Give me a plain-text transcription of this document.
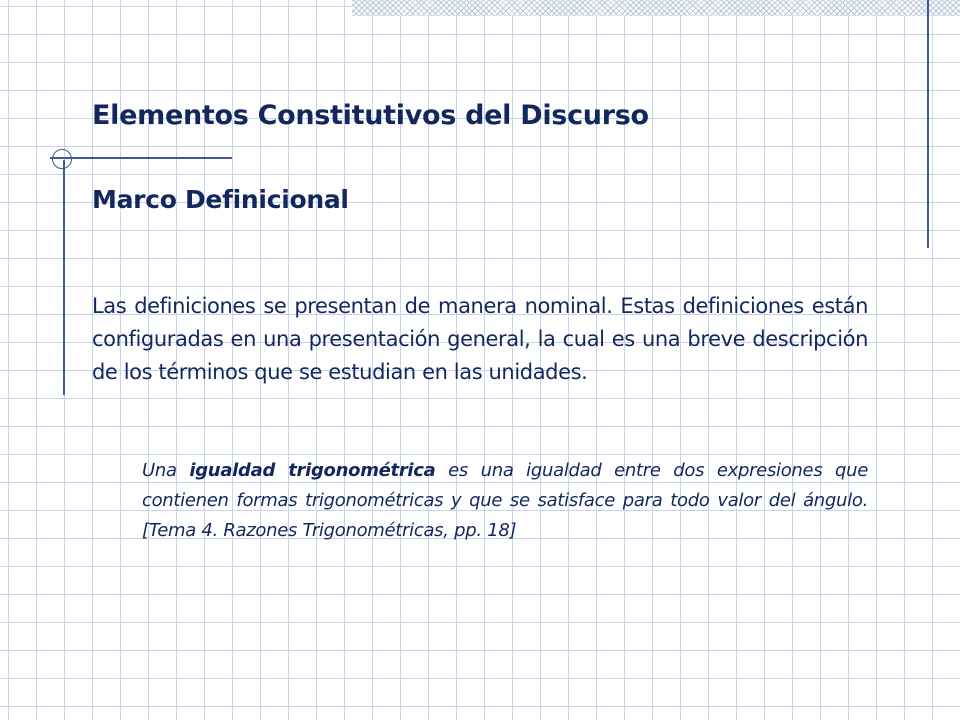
Elementos Constitutivos del Discurso
Marco Definicional

Las definiciones se presentan de manera nominal. Estas definiciones están configuradas en una presentación general, la cual es una breve descripción de los términos que se estudian en las unidades.

Una igualdad trigonométrica es una igualdad entre dos expresiones que contienen formas trigonométricas y que se satisface para todo valor del ángulo. [Tema 4. Razones Trigonométricas, pp. 18]
